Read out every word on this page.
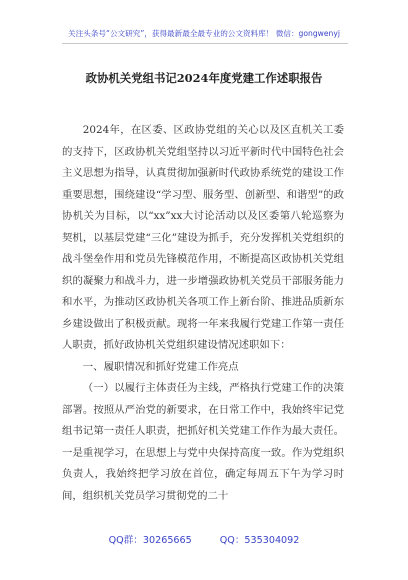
关注头条号“公文研究”，获得最新最全最专业的公文资料库！ 微信：gongwenyj
政协机关党组书记2024年度党建工作述职报告

2024年，在区委、区政协党组的关心以及区直机关工委的支持下，区政协机关党组坚持以习近平新时代中国特色社会主义思想为指导，认真贯彻加强新时代政协系统党的建设工作重要思想，围绕建设“学习型、服务型、创新型、和谐型”的政协机关为目标，以“xx”xx大讨论活动以及区委第八轮巡察为契机，以基层党建“三化”建设为抓手，充分发挥机关党组织的战斗堡垒作用和党员先锋模范作用，不断提高区政协机关党组织的凝聚力和战斗力，进一步增强政协机关党员干部服务能力和水平，为推动区政协机关各项工作上新台阶、推进品质新东乡建设做出了积极贡献。现将一年来我履行党建工作第一责任人职责，抓好政协机关党组织建设情况述职如下：

一、履职情况和抓好党建工作亮点

（一）以履行主体责任为主线，严格执行党建工作的决策部署。按照从严治党的新要求，在日常工作中，我始终牢记党组书记第一责任人职责，把抓好机关党建工作作为最大责任。一是重视学习，在思想上与党中央保持高度一致。作为党组织负责人，我始终把学习放在首位，确定每周五下午为学习时间，组织机关党员学习贯彻党的二十

QQ群：30265665	QQ：535304092
